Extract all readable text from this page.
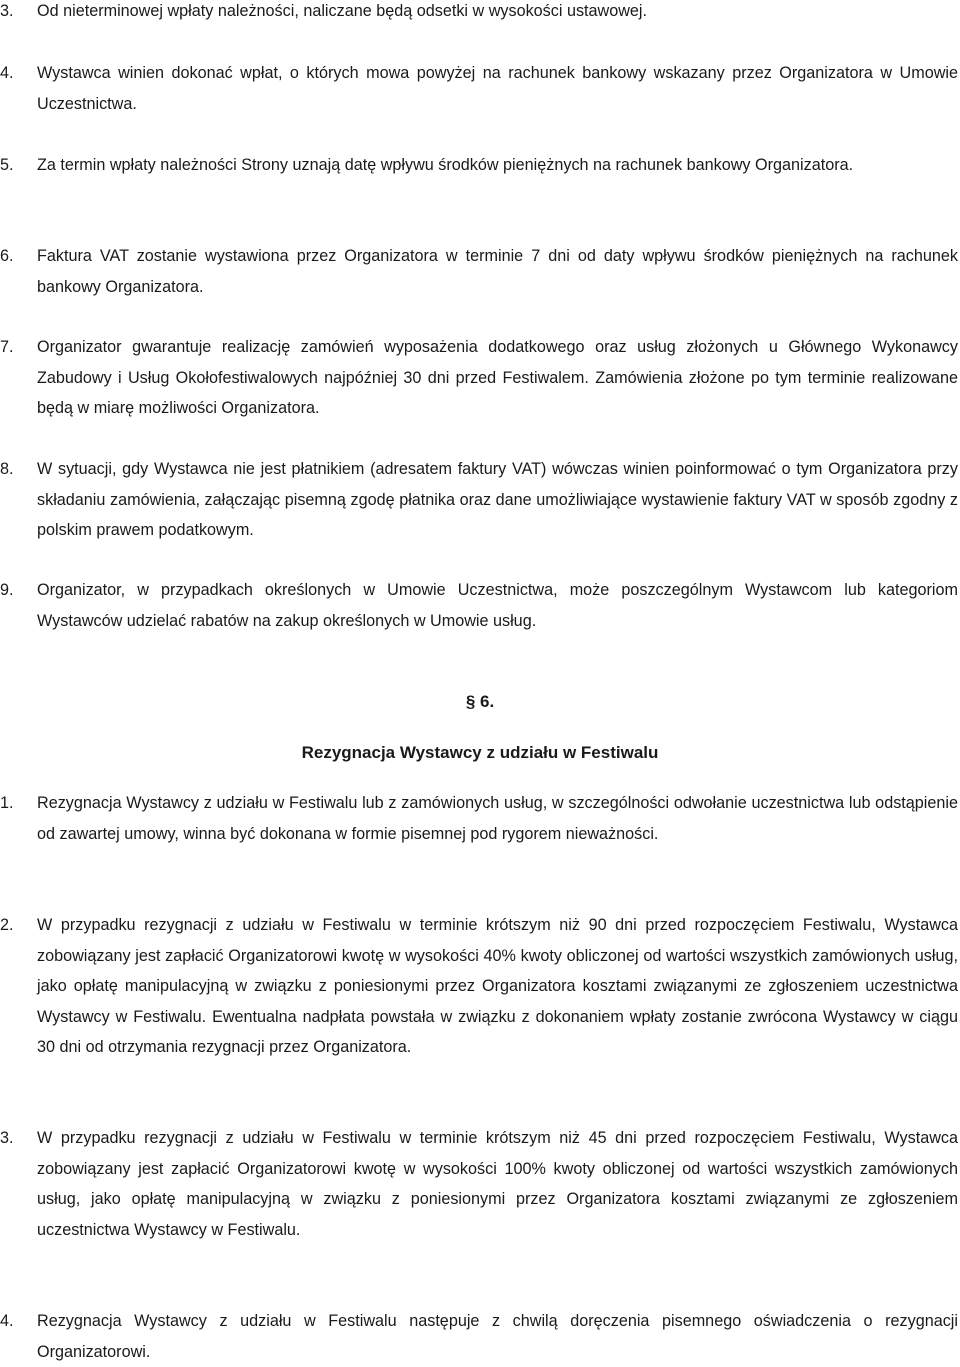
3.	Od nieterminowej wpłaty należności, naliczane będą odsetki w wysokości ustawowej.
4.	Wystawca winien dokonać wpłat, o których mowa powyżej na rachunek bankowy wskazany przez Organizatora w Umowie Uczestnictwa.
5.	Za termin wpłaty należności Strony uznają datę wpływu środków pieniężnych na rachunek bankowy Organizatora.
6.	Faktura VAT zostanie wystawiona przez Organizatora w terminie 7 dni od daty wpływu środków pieniężnych na rachunek bankowy Organizatora.
7.	Organizator gwarantuje realizację zamówień wyposażenia dodatkowego oraz usług złożonych u Głównego Wykonawcy Zabudowy i Usług Okołofestiwalowych najpóźniej 30 dni przed Festiwalem. Zamówienia złożone po tym terminie realizowane będą w miarę możliwości Organizatora.
8.	W sytuacji, gdy Wystawca nie jest płatnikiem (adresatem faktury VAT) wówczas winien poinformować o tym Organizatora przy składaniu zamówienia, załączając pisemną zgodę płatnika oraz dane umożliwiające wystawienie faktury VAT w sposób zgodny z polskim prawem podatkowym.
9.	Organizator, w przypadkach określonych w Umowie Uczestnictwa, może poszczególnym Wystawcom lub kategoriom Wystawców udzielać rabatów na zakup określonych w Umowie usług.
§ 6.
Rezygnacja Wystawcy z udziału w Festiwalu
1.	Rezygnacja Wystawcy z udziału w Festiwalu lub z zamówionych usług, w szczególności odwołanie uczestnictwa lub odstąpienie od zawartej umowy, winna być dokonana w formie pisemnej pod rygorem nieważności.
2.	W przypadku rezygnacji z udziału w Festiwalu w terminie krótszym niż 90 dni przed rozpoczęciem Festiwalu, Wystawca zobowiązany jest zapłacić Organizatorowi kwotę w wysokości 40% kwoty obliczonej od wartości wszystkich zamówionych usług, jako opłatę manipulacyjną w związku z poniesionymi przez Organizatora kosztami związanymi ze zgłoszeniem uczestnictwa Wystawcy w Festiwalu. Ewentualna nadpłata powstała w związku z dokonaniem wpłaty zostanie zwrócona Wystawcy w ciągu 30 dni od otrzymania rezygnacji przez Organizatora.
3.	W przypadku rezygnacji z udziału w Festiwalu w terminie krótszym niż 45 dni przed rozpoczęciem Festiwalu, Wystawca zobowiązany jest zapłacić Organizatorowi kwotę w wysokości 100% kwoty obliczonej od wartości wszystkich zamówionych usług, jako opłatę manipulacyjną w związku z poniesionymi przez Organizatora kosztami związanymi ze zgłoszeniem uczestnictwa Wystawcy w Festiwalu.
4.	Rezygnacja Wystawcy z udziału w Festiwalu następuje z chwilą doręczenia pisemnego oświadczenia o rezygnacji Organizatorowi.
